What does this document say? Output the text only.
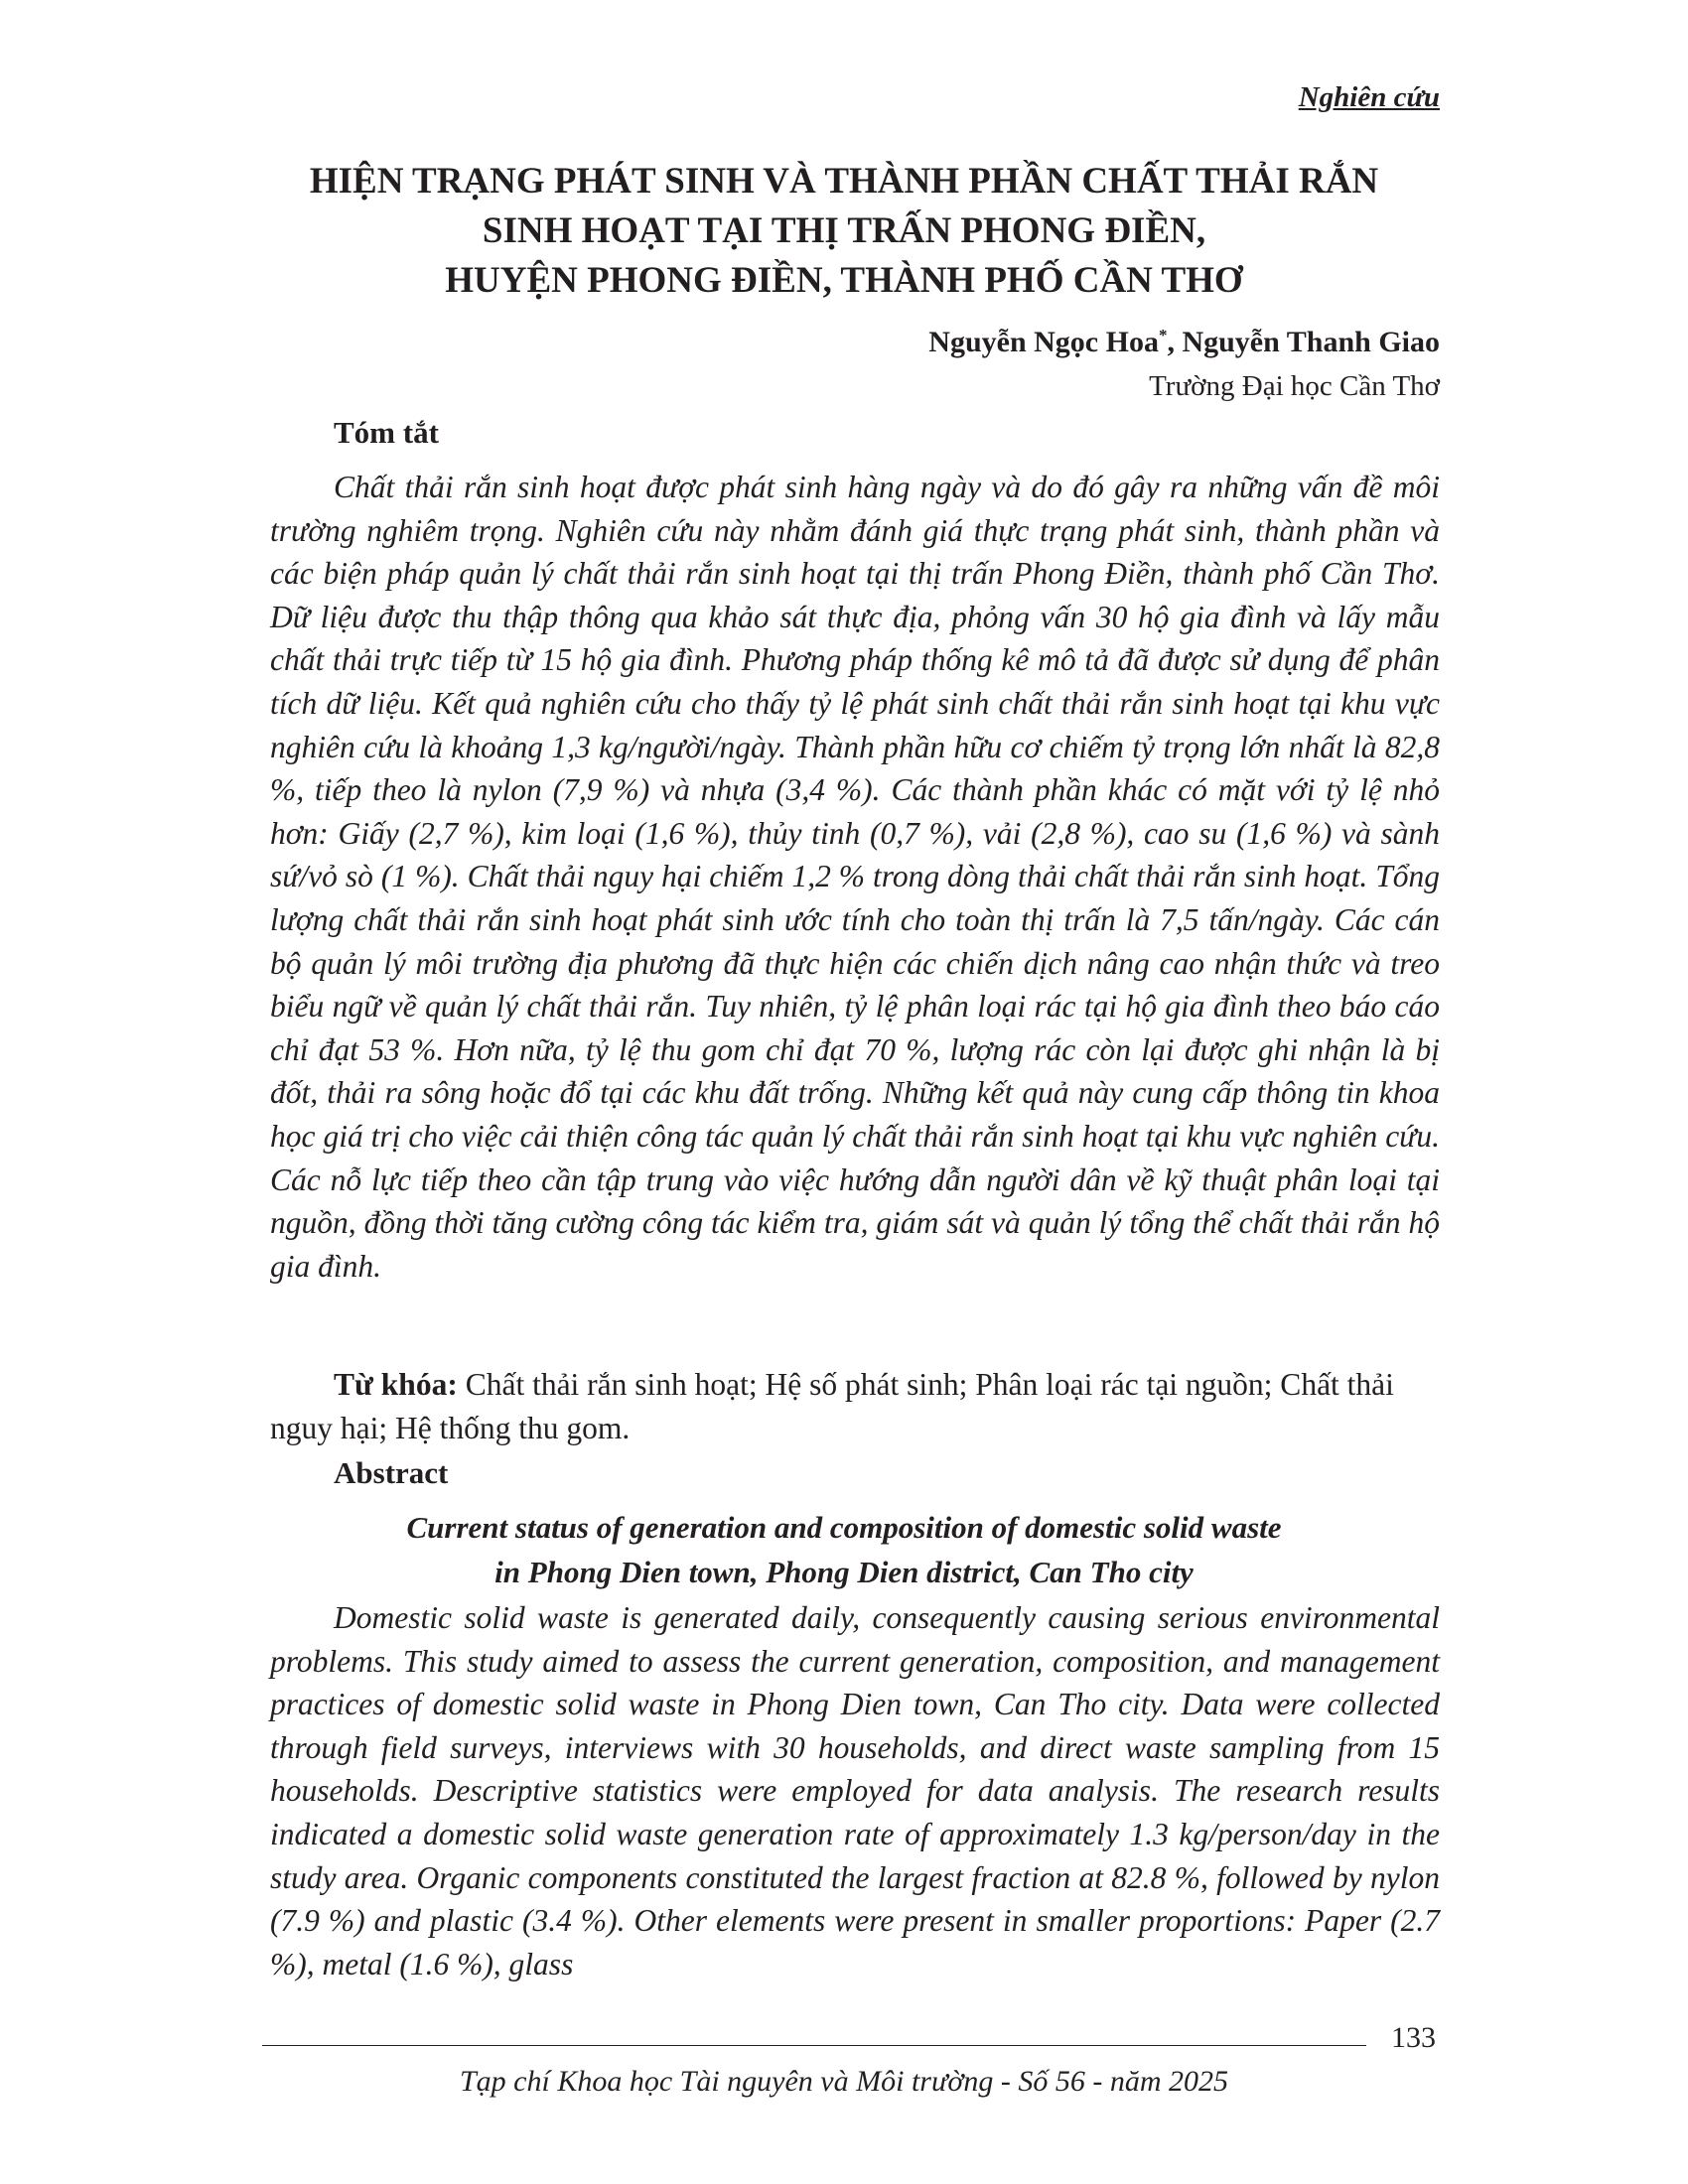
Nghiên cứu
HIỆN TRẠNG PHÁT SINH VÀ THÀNH PHẦN CHẤT THẢI RẮN
SINH HOẠT TẠI THỊ TRẤN PHONG ĐIỀN,
HUYỆN PHONG ĐIỀN, THÀNH PHỐ CẦN THƠ
Nguyễn Ngọc Hoa*, Nguyễn Thanh Giao
Trường Đại học Cần Thơ
Tóm tắt

Chất thải rắn sinh hoạt được phát sinh hàng ngày và do đó gây ra những vấn đề môi trường nghiêm trọng. Nghiên cứu này nhằm đánh giá thực trạng phát sinh, thành phần và các biện pháp quản lý chất thải rắn sinh hoạt tại thị trấn Phong Điền, thành phố Cần Thơ. Dữ liệu được thu thập thông qua khảo sát thực địa, phỏng vấn 30 hộ gia đình và lấy mẫu chất thải trực tiếp từ 15 hộ gia đình. Phương pháp thống kê mô tả đã được sử dụng để phân tích dữ liệu. Kết quả nghiên cứu cho thấy tỷ lệ phát sinh chất thải rắn sinh hoạt tại khu vực nghiên cứu là khoảng 1,3 kg/người/ngày. Thành phần hữu cơ chiếm tỷ trọng lớn nhất là 82,8 %, tiếp theo là nylon (7,9 %) và nhựa (3,4 %). Các thành phần khác có mặt với tỷ lệ nhỏ hơn: Giấy (2,7 %), kim loại (1,6 %), thủy tinh (0,7 %), vải (2,8 %), cao su (1,6 %) và sành sứ/vỏ sò (1 %). Chất thải nguy hại chiếm 1,2 % trong dòng thải chất thải rắn sinh hoạt. Tổng lượng chất thải rắn sinh hoạt phát sinh ước tính cho toàn thị trấn là 7,5 tấn/ngày. Các cán bộ quản lý môi trường địa phương đã thực hiện các chiến dịch nâng cao nhận thức và treo biểu ngữ về quản lý chất thải rắn. Tuy nhiên, tỷ lệ phân loại rác tại hộ gia đình theo báo cáo chỉ đạt 53 %. Hơn nữa, tỷ lệ thu gom chỉ đạt 70 %, lượng rác còn lại được ghi nhận là bị đốt, thải ra sông hoặc đổ tại các khu đất trống. Những kết quả này cung cấp thông tin khoa học giá trị cho việc cải thiện công tác quản lý chất thải rắn sinh hoạt tại khu vực nghiên cứu. Các nỗ lực tiếp theo cần tập trung vào việc hướng dẫn người dân về kỹ thuật phân loại tại nguồn, đồng thời tăng cường công tác kiểm tra, giám sát và quản lý tổng thể chất thải rắn hộ gia đình.

Từ khóa: Chất thải rắn sinh hoạt; Hệ số phát sinh; Phân loại rác tại nguồn; Chất thải nguy hại; Hệ thống thu gom.
Abstract
Current status of generation and composition of domestic solid waste
in Phong Dien town, Phong Dien district, Can Tho city

Domestic solid waste is generated daily, consequently causing serious environmental problems. This study aimed to assess the current generation, composition, and management practices of domestic solid waste in Phong Dien town, Can Tho city. Data were collected through field surveys, interviews with 30 households, and direct waste sampling from 15 households. Descriptive statistics were employed for data analysis. The research results indicated a domestic solid waste generation rate of approximately 1.3 kg/person/day in the study area. Organic components constituted the largest fraction at 82.8 %, followed by nylon (7.9 %) and plastic (3.4 %). Other elements were present in smaller proportions: Paper (2.7 %), metal (1.6 %), glass

133
Tạp chí Khoa học Tài nguyên và Môi trường - Số 56 - năm 2025
